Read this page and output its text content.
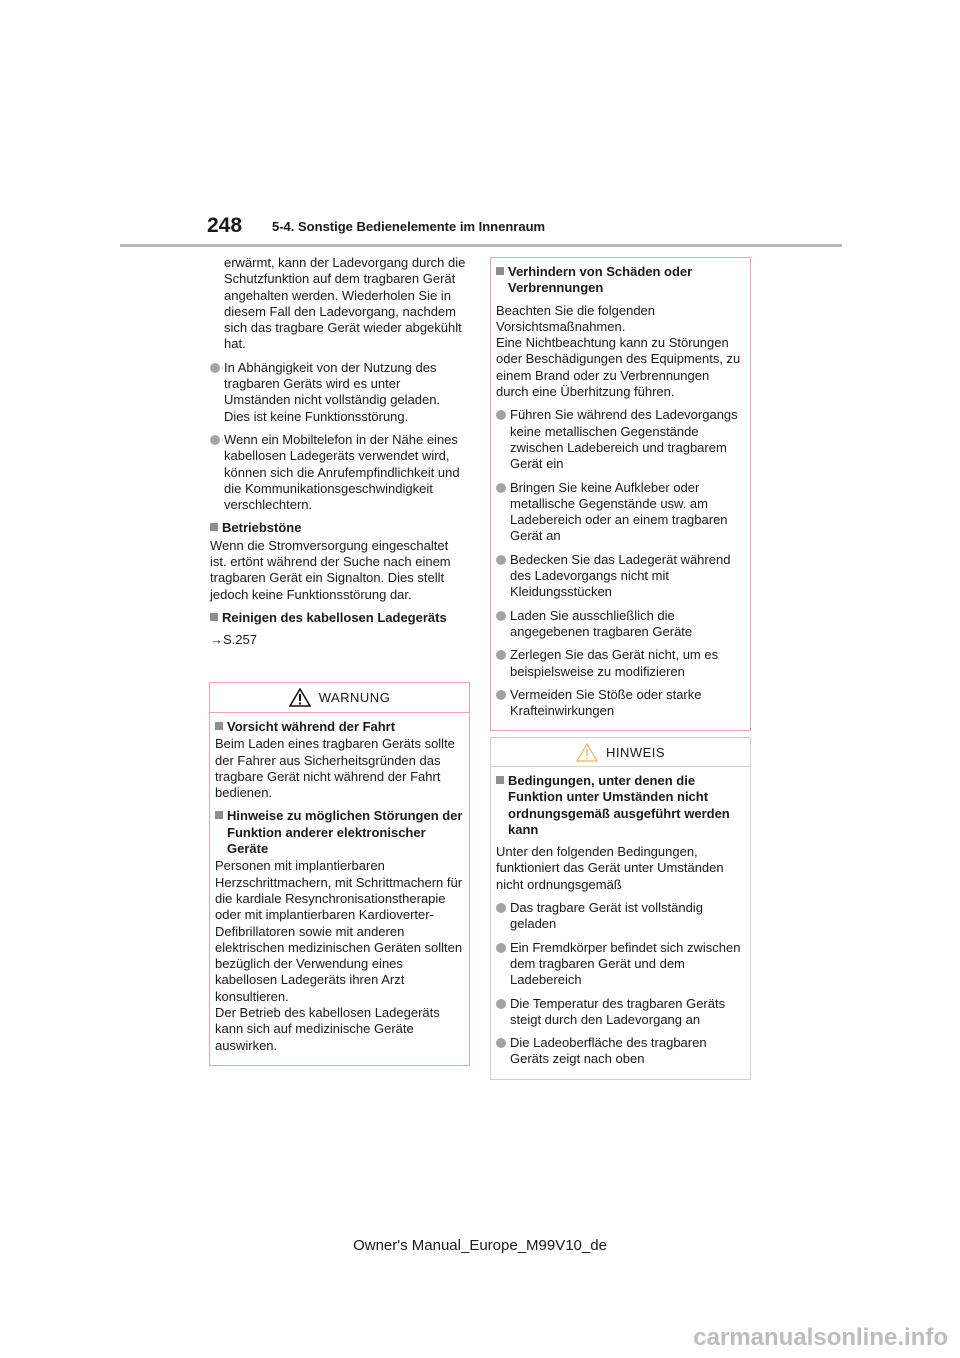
248 5-4. Sonstige Bedienelemente im Innenraum

erwärmt, kann der Ladevorgang durch die Schutzfunktion auf dem tragbaren Gerät angehalten werden. Wiederholen Sie in diesem Fall den Ladevorgang, nachdem sich das tragbare Gerät wieder abgekühlt hat.

In Abhängigkeit von der Nutzung des tragbaren Geräts wird es unter Umständen nicht vollständig geladen.
Dies ist keine Funktionsstörung.
Wenn ein Mobiltelefon in der Nähe eines kabellosen Ladegeräts verwendet wird, können sich die Anrufempfindlichkeit und die Kommunikationsgeschwindigkeit verschlechtern.
Betriebstöne

Wenn die Stromversorgung eingeschaltet ist. ertönt während der Suche nach einem tragbaren Gerät ein Signalton. Dies stellt jedoch keine Funktionsstörung dar.

Reinigen des kabellosen Ladegeräts

→S.257

WARNUNG
Vorsicht während der Fahrt

Beim Laden eines tragbaren Geräts sollte der Fahrer aus Sicherheitsgründen das tragbare Gerät nicht während der Fahrt bedienen.

Hinweise zu möglichen Störungen der Funktion anderer elektronischer Geräte

Personen mit implantierbaren Herzschrittmachern, mit Schrittmachern für die kardiale Resynchronisationstherapie oder mit implantierbaren Kardioverter-Defibrillatoren sowie mit anderen elektrischen medizinischen Geräten sollten bezüglich der Verwendung eines kabellosen Ladegeräts ihren Arzt konsultieren.

Der Betrieb des kabellosen Ladegeräts kann sich auf medizinische Geräte auswirken.

Verhindern von Schäden oder Verbrennungen

Beachten Sie die folgenden Vorsichtsmaßnahmen.

Eine Nichtbeachtung kann zu Störungen oder Beschädigungen des Equipments, zu einem Brand oder zu Verbrennungen durch eine Überhitzung führen.

Führen Sie während des Ladevorgangs keine metallischen Gegenstände zwischen Ladebereich und tragbarem Gerät ein
Bringen Sie keine Aufkleber oder metallische Gegenstände usw. am Ladebereich oder an einem tragbaren Gerät an
Bedecken Sie das Ladegerät während des Ladevorgangs nicht mit Kleidungsstücken
Laden Sie ausschließlich die angegebenen tragbaren Geräte
Zerlegen Sie das Gerät nicht, um es beispielsweise zu modifizieren
Vermeiden Sie Stöße oder starke Krafteinwirkungen
HINWEIS
Bedingungen, unter denen die Funktion unter Umständen nicht ordnungsgemäß ausgeführt werden kann

Unter den folgenden Bedingungen, funktioniert das Gerät unter Umständen nicht ordnungsgemäß

Das tragbare Gerät ist vollständig geladen
Ein Fremdkörper befindet sich zwischen dem tragbaren Gerät und dem Ladebereich
Die Temperatur des tragbaren Geräts steigt durch den Ladevorgang an
Die Ladeoberfläche des tragbaren Geräts zeigt nach oben
Owner's Manual_Europe_M99V10_de
carmanualsonline.info
